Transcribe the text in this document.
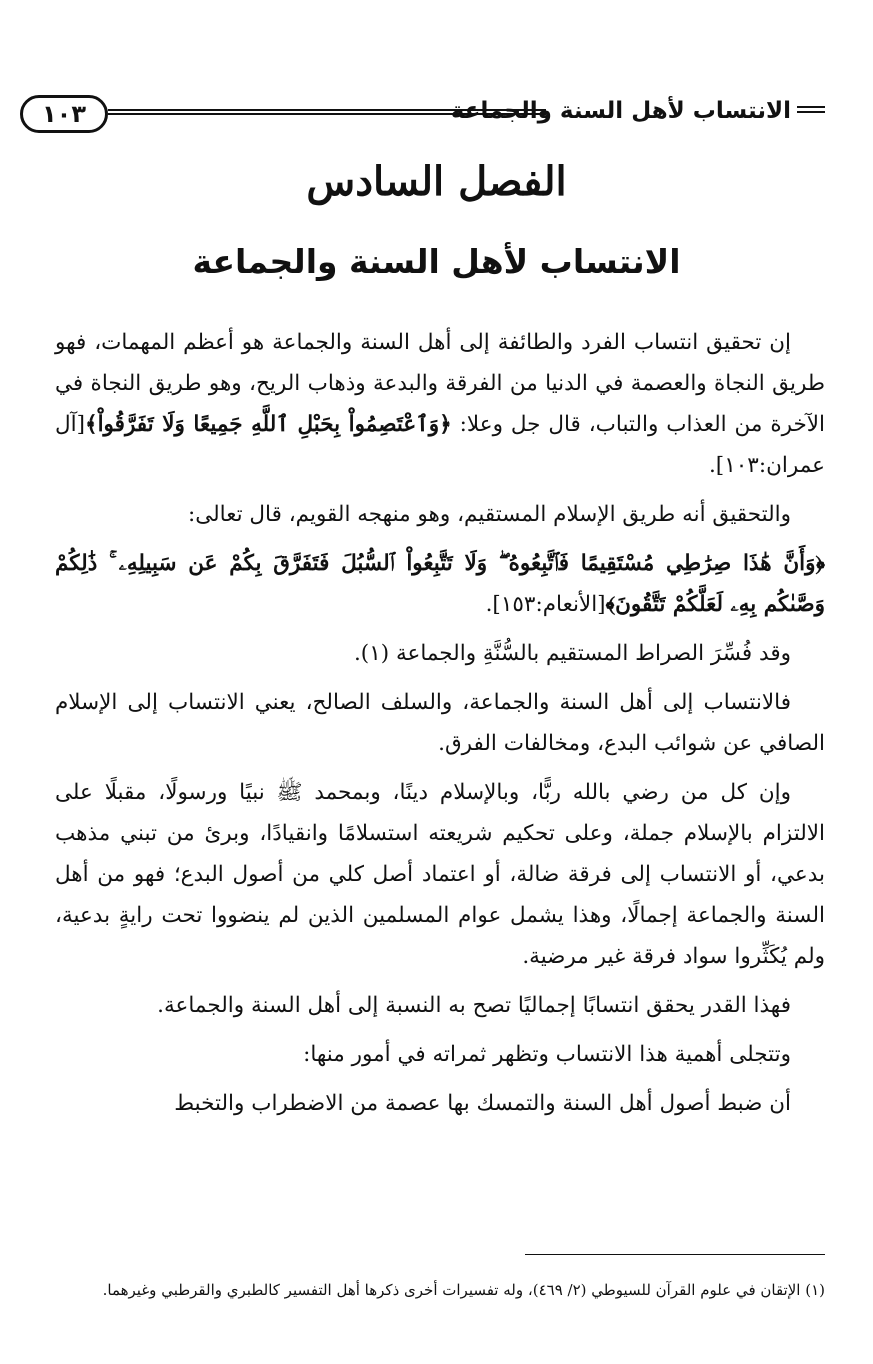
١٠٣	الانتساب لأهل السنة والجماعة
الفصل السادس
الانتساب لأهل السنة والجماعة

إن تحقيق انتساب الفرد والطائفة إلى أهل السنة والجماعة هو أعظم المهمات، فهو طريق النجاة والعصمة في الدنيا من الفرقة والبدعة وذهاب الريح، وهو طريق النجاة في الآخرة من العذاب والتباب، قال جل وعلا: ﴿وَٱعْتَصِمُواْ بِحَبْلِ ٱللَّهِ جَمِيعًا وَلَا تَفَرَّقُواْ﴾[آل عمران:١٠٣].

والتحقيق أنه طريق الإسلام المستقيم، وهو منهجه القويم، قال تعالى:

﴿وَأَنَّ هَٰذَا صِرَٰطِي مُسْتَقِيمًا فَٱتَّبِعُوهُ ۖ وَلَا تَتَّبِعُواْ ٱلسُّبُلَ فَتَفَرَّقَ بِكُمْ عَن سَبِيلِهِۦ ۚ ذَٰلِكُمْ وَصَّىٰكُم بِهِۦ لَعَلَّكُمْ تَتَّقُونَ﴾[الأنعام:١٥٣].

وقد فُسِّرَ الصراط المستقيم بالسُّنَّةِ والجماعة (١).

فالانتساب إلى أهل السنة والجماعة، والسلف الصالح، يعني الانتساب إلى الإسلام الصافي عن شوائب البدع، ومخالفات الفرق.

وإن كل من رضي بالله ربًّا، وبالإسلام دينًا، وبمحمد ﷺ نبيًا ورسولًا، مقبلًا على الالتزام بالإسلام جملة، وعلى تحكيم شريعته استسلامًا وانقيادًا، وبرئ من تبني مذهب بدعي، أو الانتساب إلى فرقة ضالة، أو اعتماد أصل كلي من أصول البدع؛ فهو من أهل السنة والجماعة إجمالًا، وهذا يشمل عوام المسلمين الذين لم ينضووا تحت رايةٍ بدعية، ولم يُكَثِّروا سواد فرقة غير مرضية.

فهذا القدر يحقق انتسابًا إجماليًا تصح به النسبة إلى أهل السنة والجماعة.

وتتجلى أهمية هذا الانتساب وتظهر ثمراته في أمور منها:

أن ضبط أصول أهل السنة والتمسك بها عصمة من الاضطراب والتخبط

(١) الإتقان في علوم القرآن للسيوطي (٢/ ٤٦٩)، وله تفسيرات أخرى ذكرها أهل التفسير كالطبري والقرطبي وغيرهما.
